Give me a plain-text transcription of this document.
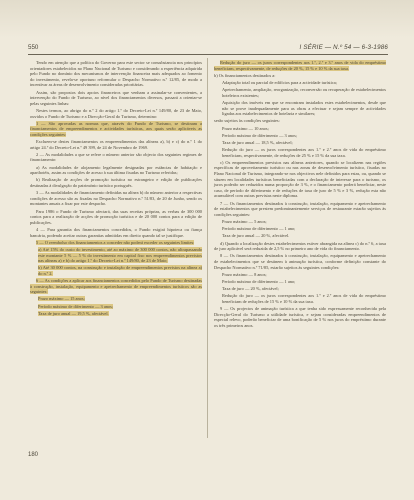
550	I SÉRIE — N.º 54 — 6-3-1986

Tendo em atenção que a política do Governo para este sector se consubstancia nos princípios orientadores estabelecidos no Plano Nacional de Turismo e considerando a experiência adquirida pelo Fundo no domínio dos mecanismos de intervenção financeira mais adequados ao fomento do investimento, revela-se oportuno reformular o Despacho Normativo n.º 12/85, de modo a incentivar as áreas de desenvolvimento consideradas prioritárias.

Assim, são propostos dois apoios financeiros que venham a assinalar-se convenientes, a intervenção do Fundo de Turismo, ao nível dos financiamentos diversos, passará a orientar-se pelas seguintes linhas:

Nestes termos, ao abrigo do n.º 2 do artigo 1.º do Decreto-Lei n.º 149/80, de 23 de Maio, ouvidos o Fundo de Turismo e a Direcção-Geral do Turismo, determino:

1 — São aprovadas as normas que, através do Fundo de Turismo, se destinam a financiamentos de empreendimentos e actividades turísticas, aos quais serão aplicáveis as condições seguintes:

Excluem-se destes financiamentos os empreendimentos das alíneas a), b) e c) do n.º 1 do artigo 24.º do Decreto-Lei n.º 49 399, de 24 de Novembro de 1969.

2 — As modalidades a que se refere o número anterior são objecto dos seguintes regimes de financiamento:

a) As modalidades de alojamento legalmente designadas por estâncias de habitação e aparthotéis, assim as condições de acesso à sua última fixadas no Turismo referidas;

b) Realização de acções de promoção turística no estrangeiro e edição de publicações destinadas à divulgação do património turístico português.

3 — As modalidades de financiamento definidas na alínea b) do número anterior a respectivas condições de acesso são as fixadas no Despacho Normativo n.º 51/83, de 20 de Junho, sendo os montantes anuais a fixar por este despacho.

Para 1986 o Fundo de Turismo afectará, das suas receitas próprias, as verbas de 300 000 contos para a realização de acções de promoção turística e de 20 000 contos para a edição de publicações.

4 — Para garantia dos financiamentos concedidos, o Fundo exigirá hipoteca ou fiança bancária, podendo aceitar outras garantias admitidas em direito quando tal se justifique.

5 — O reembolso dos financiamentos a conceder não poderá exceder os seguintes limites:

a) Até 15% do custo do investimento, até ao máximo de 300 000 contos, não ultrapassando este montante 5 % — 5 % do investimento em capital fixo nos empreendimentos previstos nas alíneas a) e b) do artigo 1.º do Decreto-Lei n.º 149/80, de 23 de Maio;

b) Até 30 000 contos, na construção e instalação de empreendimentos previstos na alínea a) do n.º 2.

6 — As condições a aplicar aos financiamentos concedidos pelo Fundo de Turismo destinadas à construção, instalação, equipamento e apetrechamento de empreendimentos turísticos são as seguintes:

Prazo máximo — 15 anos;

Período máximo de diferimento — 3 anos;

Taxa de juro anual — 19,5 %, afectável.

Redução do juro — os juros correspondentes aos 1.º, 2.º e 3.º anos de vida do empréstimo beneficiam, respectivamente, de reduções de 20 %, 15 % e 10 % da sua taxa.

b) Os financiamentos destinados a:

Adaptação total ou parcial de edifícios para a actividade turística;

Apetrechamento, ampliação, reorganização, reconversão ou recuperação de estabelecimentos hoteleiros existentes;

Aquisição dos imóveis em que se encontram instalados estes estabelecimentos, desde que não se prove inadequadamente para as obras a efectuar e sejam sempre de actividades ligadas aos estabelecimentos de hotelaria e similares;

serão sujeitos às condições seguintes:

Prazo máximo — 10 anos;

Período máximo de diferimento — 3 anos;

Taxa de juro anual — 18,5 %, afectável;

Redução do juro — os juros correspondentes aos 1.º e 2.º anos de vida do empréstimo beneficiam, respectivamente, de reduções de 25 % e 15 % da sua taxa.

c) Os empreendimentos previstos nas alíneas anteriores, quando se localizem nas regiões específicas de aproveitamento turístico ou nas zonas de desenvolvimento turístico, fixadas no Plano Nacional de Turismo, integrando-se nos objectivos nele definidos para estas, ou, quando se situem em localidades turísticas beneficiadas com a declaração de interesse para o turismo, os juros poderão ser reduzidos numa proporção de 3 %, e o financiamento poderá beneficiar, neste caso, de período de diferimento e de reduções de taxa de juro de 5 % e 3 %, redução esta não acumulável com outras previstas neste diploma.

7 — Os financiamentos destinados à construção, instalação, equipamento e apetrechamento de estabelecimentos que prestem predominantemente serviços de restaurante estarão sujeitos às condições seguintes:

Prazo máximo — 5 anos;

Período máximo de diferimento — 1 ano;

Taxa de juro anual — 20 %, afectável.

d) Quando a localização destes estabelecimentos estiver abrangida na alínea c) do n.º 6, a taxa de juro aplicável será reduzida de 2,5 % no primeiro ano de vida do financiamento.

8 — Os financiamentos destinados à construção, instalação, equipamento e apetrechamento de estabelecimentos que se destinem à animação turística, conforme definição constante do Despacho Normativo n.º 71/85, estarão sujeitos às seguintes condições:

Prazo máximo — 8 anos;

Período máximo de diferimento — 1 ano;

Taxa de juro — 20 %, afectável;

Redução do juro — os juros correspondentes aos 1.º e 2.º anos de vida do empréstimo beneficiam de reduções de 15 % e 10 % da sua taxa.

9 — Os projectos de animação turística a que tenha sido expressamente reconhecida pela Direcção-Geral do Turismo a utilidade turística, e sejam consideradas empreendimentos de especial relevo, poderão beneficiar de uma bonificação de 5 % nos juros do empréstimo durante os três primeiros anos.

180
